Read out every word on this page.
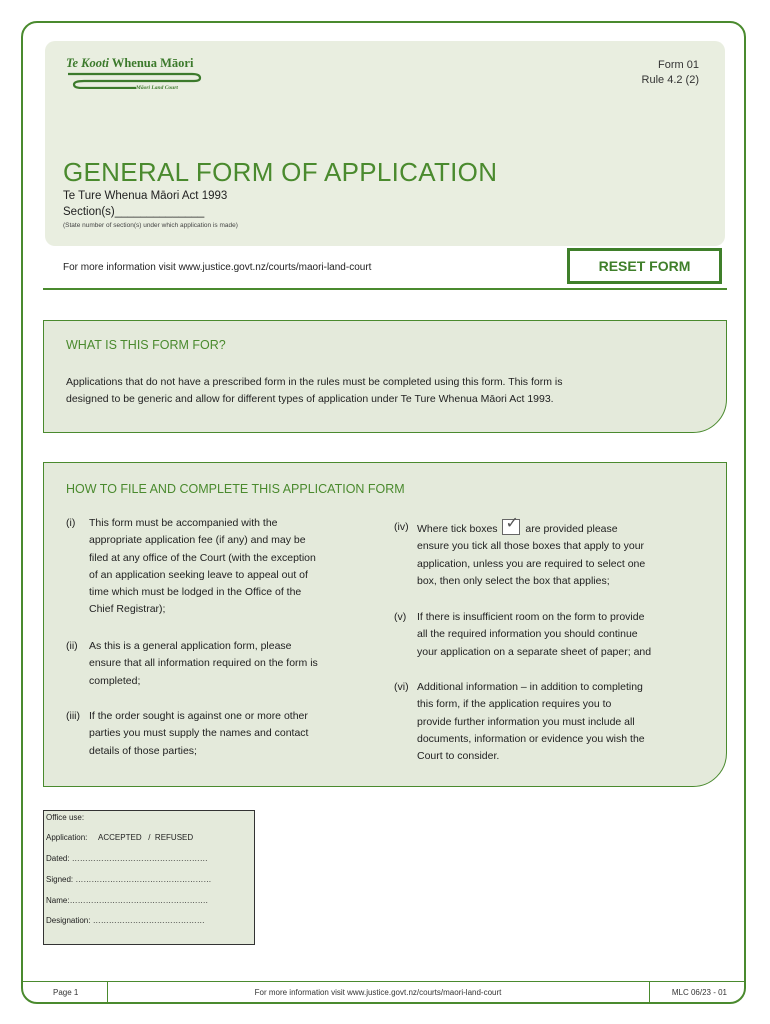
Te Kooti Whenua Māori
Māori Land Court
Form 01
Rule 4.2 (2)
GENERAL FORM OF APPLICATION
Te Ture Whenua Māori Act 1993
Section(s)______________
(State number of section(s) under which application is made)
For more information visit www.justice.govt.nz/courts/maori-land-court	RESET FORM
WHAT IS THIS FORM FOR?
Applications that do not have a prescribed form in the rules must be completed using this form. This form is
designed to be generic and allow for different types of application under Te Ture Whenua Māori Act 1993.
HOW TO FILE AND COMPLETE THIS APPLICATION FORM
(i) This form must be accompanied with the
appropriate application fee (if any) and may be
filed at any office of the Court (with the exception
of an application seeking leave to appeal out of
time which must be lodged in the Office of the
Chief Registrar);
(ii) As this is a general application form, please
ensure that all information required on the form is
completed;
(iii) If the order sought is against one or more other
parties you must supply the names and contact
details of those parties;
(iv) Where tick boxes ✓ are provided please
ensure you tick all those boxes that apply to your
application, unless you are required to select one
box, then only select the box that applies;
(v) If there is insufficient room on the form to provide
all the required information you should continue
your application on a separate sheet of paper; and
(vi) Additional information – in addition to completing
this form, if the application requires you to
provide further information you must include all
documents, information or evidence you wish the
Court to consider.
Office use:
Application:     ACCEPTED   /  REFUSED
Dated: ……………………………………………
Signed: ……………………………………………
Name:…………………………………………….
Designation: ……………………………………
Page 1	For more information visit www.justice.govt.nz/courts/maori-land-court	MLC 06/23 - 01
